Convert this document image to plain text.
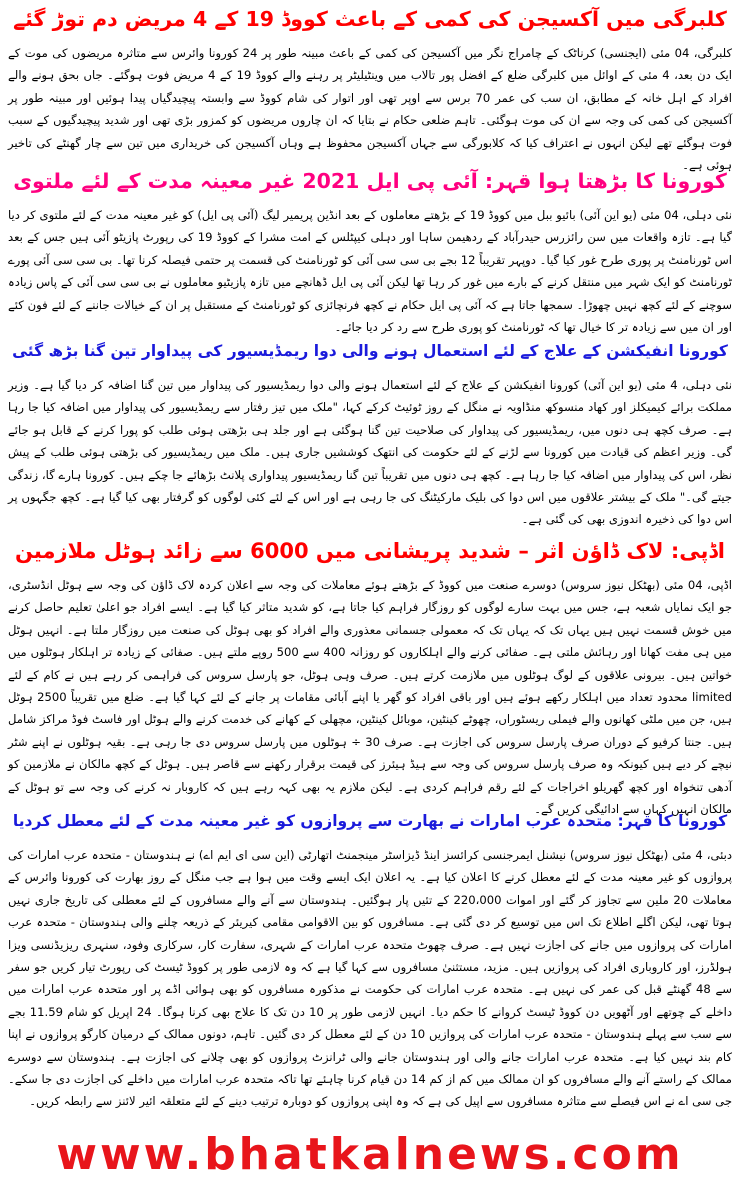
کلبرگی میں آکسیجن کی کمی کے باعث کووڈ 19 کے 4 مریض دم توڑ گئے

کلبرگی، 04 مئی (ایجنسی) کرناٹک کے چامراج نگر میں آکسیجن کی کمی کے باعث مبینہ طور پر 24 کورونا وائرس سے متاثرہ مریضوں کی موت کے ایک دن بعد، 4 مئی کے اوائل میں کلبرگی ضلع کے افضل پور تالاب میں وینٹیلیٹر پر رہنے والے کووڈ 19 کے 4 مریض فوت ہوگئے۔ جاں بحق ہونے والے افراد کے اہل خانہ کے مطابق، ان سب کی عمر 70 برس سے اوپر تھی اور اتوار کی شام کووڈ سے وابستہ پیچیدگیاں پیدا ہوئیں اور مبینہ طور پر آکسیجن کی کمی کی وجہ سے ان کی موت ہوگئی۔ تاہم ضلعی حکام نے بتایا کہ ان چاروں مریضوں کو کمزور بڑی تھی اور شدید پیچیدگیوں کے سبب فوت ہوگئے تھے لیکن انہوں نے اعتراف کیا کہ کلابورگی سے جہاں آکسیجن محفوظ ہے وہاں آکسیجن کی خریداری میں تین سے چار گھنٹے کی تاخیر ہوئی ہے۔

کورونا کا بڑھتا ہوا قہر: آئی پی ایل 2021 غیر معینہ مدت کے لئے ملتوی

نئی دہلی، 04 مئی (یو این آئی) بائیو ببل میں کووڈ 19 کے بڑھتے معاملوں کے بعد انڈین پریمیر لیگ (آئی پی ایل) کو غیر معینہ مدت کے لئے ملتوی کر دیا گیا ہے۔ تازہ واقعات میں سن رائزرس حیدرآباد کے ردھیمن ساہا اور دہلی کیپٹلس کے امت مشرا کے کووڈ 19 کی رپورٹ پازیٹو آئی ہیں جس کے بعد اس ٹورنامنٹ پر پوری طرح غور کیا گیا۔ دوپہر تقریباً 12 بجے بی سی سی آئی کو ٹورنامنٹ کی قسمت پر حتمی فیصلہ کرنا تھا۔ بی سی سی آئی پورے ٹورنامنٹ کو ایک شہر میں منتقل کرنے کے بارے میں غور کر رہا تھا لیکن آئی پی ایل ڈھانچے میں تازہ پازیٹیو معاملوں نے بی سی سی آئی کے پاس زیادہ سوچنے کے لئے کچھ نہیں چھوڑا۔ سمجھا جاتا ہے کہ آئی پی ایل حکام نے کچھ فرنچائزی کو ٹورنامنٹ کے مستقبل پر ان کے خیالات جاننے کے لئے فون کئے اور ان میں سے زیادہ تر کا خیال تھا کہ ٹورنامنٹ کو پوری طرح سے رد کر دیا جائے۔

کورونا انفیکشن کے علاج کے لئے استعمال ہونے والی دوا ریمڈیسیور کی پیداوار تین گنا بڑھ گئی

نئی دہلی، 4 مئی (یو این آئی) کورونا انفیکشن کے علاج کے لئے استعمال ہونے والی دوا ریمڈیسیور کی پیداوار میں تین گنا اضافہ کر دیا گیا ہے۔ وزیر مملکت برائے کیمیکلز اور کھاد منسوکھ منڈاویہ نے منگل کے روز ٹوئیٹ کرکے کہا، "ملک میں تیز رفتار سے ریمڈیسیور کی پیداوار میں اضافہ کیا جا رہا ہے۔ صرف کچھ ہی دنوں میں، ریمڈیسیور کی پیداوار کی صلاحیت تین گنا ہوگئی ہے اور جلد ہی بڑھتی ہوئی طلب کو پورا کرنے کے قابل ہو جائے گی۔ وزیر اعظم کی قیادت میں کورونا سے لڑنے کے لئے حکومت کی انتھک کوششیں جاری ہیں۔ ملک میں ریمڈیسیور کی بڑھتی ہوئی طلب کے پیش نظر، اس کی پیداوار میں اضافہ کیا جا رہا ہے۔ کچھ ہی دنوں میں تقریباً تین گنا ریمڈیسیور پیداواری پلانٹ بڑھائے جا چکے ہیں۔ کورونا ہارے گا، زندگی جیتے گی۔" ملک کے بیشتر علاقوں میں اس دوا کی بلیک مارکیٹنگ کی جا رہی ہے اور اس کے لئے کئی لوگوں کو گرفتار بھی کیا گیا ہے۔ کچھ جگہوں پر اس دوا کی ذخیرہ اندوزی بھی کی گئی ہے۔

اڈپی: لاک ڈاؤن اثر – شدید پریشانی میں 6000 سے زائد ہوٹل ملازمین

اڈپی، 04 مئی (بھٹکل نیوز سروس) دوسرے صنعت میں کووڈ کے بڑھتے ہوئے معاملات کی وجہ سے اعلان کردہ لاک ڈاؤن کی وجہ سے ہوٹل انڈسٹری، جو ایک نمایاں شعبہ ہے، جس میں بہت سارے لوگوں کو روزگار فراہم کیا جاتا ہے، کو شدید متاثر کیا گیا ہے۔ ایسے افراد جو اعلیٰ تعلیم حاصل کرنے میں خوش قسمت نہیں ہیں یہاں تک کہ یہاں تک کہ معمولی جسمانی معذوری والے افراد کو بھی ہوٹل کی صنعت میں روزگار ملتا ہے۔ انہیں ہوٹل میں ہی مفت کھانا اور رہائش ملتی ہے۔ صفائی کرنے والے اہلکاروں کو روزانہ 400 سے 500 روپے ملتے ہیں۔ صفائی کے زیادہ تر اہلکار ہوٹلوں میں خواتین ہیں۔ بیرونی علاقوں کے لوگ ہوٹلوں میں ملازمت کرتے ہیں۔ صرف وہی ہوٹل، جو پارسل سروس کی فراہمی کر رہے ہیں نے کام کے لئے limited محدود تعداد میں اہلکار رکھے ہوئے ہیں اور باقی افراد کو گھر یا اپنے آبائی مقامات پر جانے کے لئے کہا گیا ہے۔ ضلع میں تقریباً 2500 ہوٹل ہیں، جن میں ملٹی کھانوں والے فیملی ریسٹوراں، چھوٹے کینٹین، موبائل کینٹین، مچھلی کے کھانے کی خدمت کرنے والے ہوٹل اور فاسٹ فوڈ مراکز شامل ہیں۔ جنتا کرفیو کے دوران صرف پارسل سروس کی اجازت ہے۔ صرف 30 ÷ ہوٹلوں میں پارسل سروس دی جا رہی ہے۔ بقیہ ہوٹلوں نے اپنے شٹر نیچے کر دیے ہیں کیونکہ وہ صرف پارسل سروس کی وجہ سے ہیڈ ہیئرز کی قیمت برقرار رکھنے سے قاصر ہیں۔ ہوٹل کے کچھ مالکان نے ملازمین کو آدھی تنخواہ اور کچھ گھریلو اخراجات کے لئے رقم فراہم کردی ہے۔ لیکن ملازم یہ بھی کہہ رہے ہیں کہ کاروبار نہ کرنے کی وجہ سے تو ہوٹل کے مالکان انہیں کہاں سے ادائیگی کریں گے۔

کورونا کا قہر: متحدہ عرب امارات نے بھارت سے پروازوں کو غیر معینہ مدت کے لئے معطل کردیا

دبئی، 4 مئی (بھٹکل نیوز سروس) نیشنل ایمرجنسی کرائسز اینڈ ڈیزاسٹر مینجمنٹ اتھارٹی (این سی ای ایم اے) نے ہندوستان - متحدہ عرب امارات کی پروازوں کو غیر معینہ مدت کے لئے معطل کرنے کا اعلان کیا ہے۔ یہ اعلان ایک ایسے وقت میں ہوا ہے جب منگل کے روز بھارت کی کورونا وائرس کے معاملات 20 ملین سے تجاوز کر گئے اور اموات 220،000 کے تئیں پار ہوگئیں۔ ہندوستان سے آنے والے مسافروں کے لئے معطلی کی تاریخ جاری نہیں ہوتا تھی، لیکن اگلے اطلاع تک اس میں توسیع کر دی گئی ہے۔ مسافروں کو بین الاقوامی مقامی کیریئر کے ذریعہ چلنے والی ہندوستان - متحدہ عرب امارات کی پروازوں میں جانے کی اجازت نہیں ہے۔ صرف چھوٹ متحدہ عرب امارات کے شہری، سفارت کار، سرکاری وفود، سنہری ریزیڈنسی ویزا ہولڈرز، اور کاروباری افراد کی پروازیں ہیں۔ مزید، مستثنیٰ مسافروں سے کہا گیا ہے کہ وہ لازمی طور پر کووڈ ٹیسٹ کی رپورٹ تیار کریں جو سفر سے 48 گھنٹے قبل کی عمر کی نہیں ہے۔ متحدہ عرب امارات کی حکومت نے مذکورہ مسافروں کو بھی ہوائی اڈے پر اور متحدہ عرب امارات میں داخلے کے چوتھے اور آٹھویں دن کووڈ ٹیسٹ کروانے کا حکم دیا۔ انہیں لازمی طور پر 10 دن تک کا علاج بھی کرنا ہوگا۔ 24 اپریل کو شام 11.59 بجے سے سب سے پہلے ہندوستان - متحدہ عرب امارات کی پروازیں 10 دن کے لئے معطل کر دی گئیں۔ تاہم، دونوں ممالک کے درمیان کارگو پروازوں نے اپنا کام بند نہیں کیا ہے۔ متحدہ عرب امارات جانے والی اور ہندوستان جانے والی ٹرانزٹ پروازوں کو بھی چلانے کی اجازت ہے۔ ہندوستان سے دوسرے ممالک کے راستے آنے والے مسافروں کو ان ممالک میں کم از کم 14 دن قیام کرنا چاہئے تھا تاکہ متحدہ عرب امارات میں داخلے کی اجازت دی جا سکے۔ جی سی اے نے اس فیصلے سے متاثرہ مسافروں سے اپیل کی ہے کہ وہ اپنی پروازوں کو دوبارہ ترتیب دینے کے لئے متعلقہ ائیر لائنز سے رابطہ کریں۔

www.bhatkalnews.com
